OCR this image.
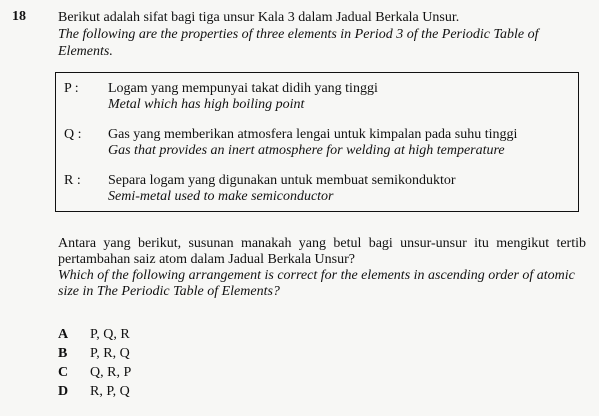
18 Berikut adalah sifat bagi tiga unsur Kala 3 dalam Jadual Berkala Unsur.
The following are the properties of three elements in Period 3 of the Periodic Table of Elements.
P : Logam yang mempunyai takat didih yang tinggi
Metal which has high boiling point
Q : Gas yang memberikan atmosfera lengai untuk kimpalan pada suhu tinggi
Gas that provides an inert atmosphere for welding at high temperature
R : Separa logam yang digunakan untuk membuat semikonduktor
Semi-metal used to make semiconductor
Antara yang berikut, susunan manakah yang betul bagi unsur-unsur itu mengikut tertib pertambahan saiz atom dalam Jadual Berkala Unsur?
Which of the following arrangement is correct for the elements in ascending order of atomic size in The Periodic Table of Elements?
A	P, Q, R
B	P, R, Q
C	Q, R, P
D	R, P, Q
